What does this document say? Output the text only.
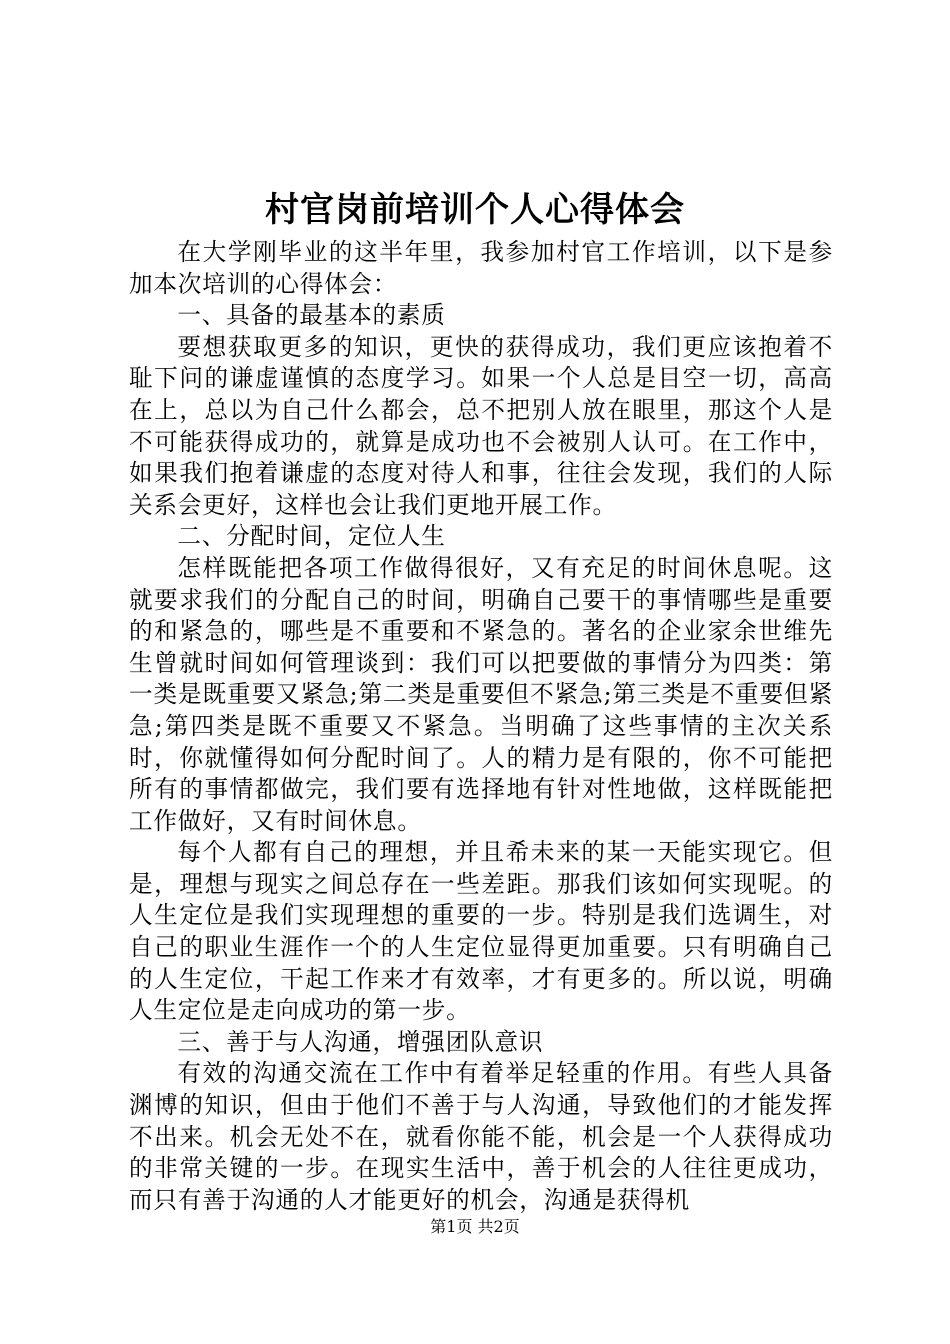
村官岗前培训个人心得体会

在大学刚毕业的这半年里，我参加村官工作培训，以下是参加本次培训的心得体会：

一、具备的最基本的素质

要想获取更多的知识，更快的获得成功，我们更应该抱着不耻下问的谦虚谨慎的态度学习。如果一个人总是目空一切，高高在上，总以为自己什么都会，总不把别人放在眼里，那这个人是不可能获得成功的，就算是成功也不会被别人认可。在工作中，如果我们抱着谦虚的态度对待人和事，往往会发现，我们的人际关系会更好，这样也会让我们更地开展工作。

二、分配时间，定位人生

怎样既能把各项工作做得很好，又有充足的时间休息呢。这就要求我们的分配自己的时间，明确自己要干的事情哪些是重要的和紧急的，哪些是不重要和不紧急的。著名的企业家余世维先生曾就时间如何管理谈到：我们可以把要做的事情分为四类：第一类是既重要又紧急;第二类是重要但不紧急;第三类是不重要但紧急;第四类是既不重要又不紧急。当明确了这些事情的主次关系时，你就懂得如何分配时间了。人的精力是有限的，你不可能把所有的事情都做完，我们要有选择地有针对性地做，这样既能把工作做好，又有时间休息。

每个人都有自己的理想，并且希未来的某一天能实现它。但是，理想与现实之间总存在一些差距。那我们该如何实现呢。的人生定位是我们实现理想的重要的一步。特别是我们选调生，对自己的职业生涯作一个的人生定位显得更加重要。只有明确自己的人生定位，干起工作来才有效率，才有更多的。所以说，明确人生定位是走向成功的第一步。

三、善于与人沟通，增强团队意识

有效的沟通交流在工作中有着举足轻重的作用。有些人具备渊博的知识，但由于他们不善于与人沟通，导致他们的才能发挥不出来。机会无处不在，就看你能不能，机会是一个人获得成功的非常关键的一步。在现实生活中，善于机会的人往往更成功，而只有善于沟通的人才能更好的机会，沟通是获得机

第1页 共2页
